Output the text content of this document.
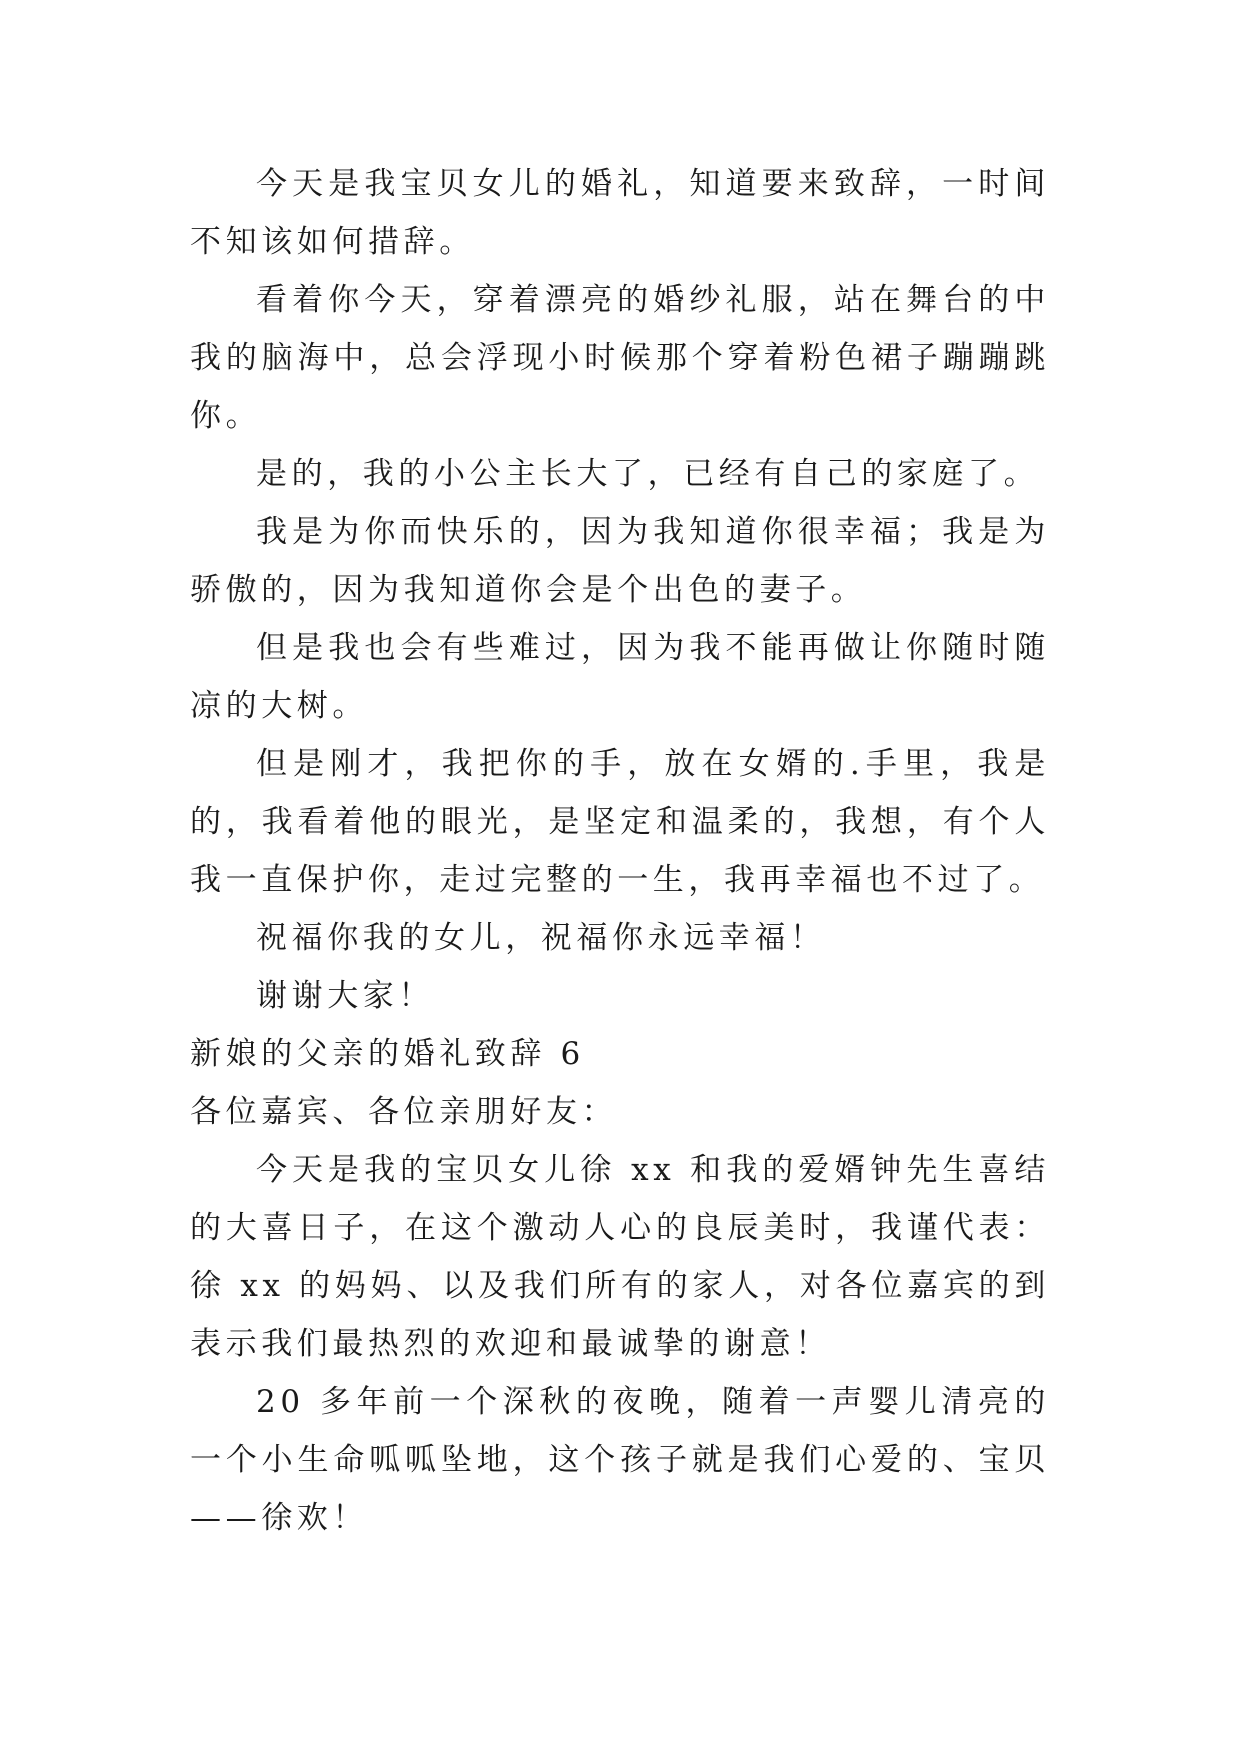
今天是我宝贝女儿的婚礼，知道要来致辞，一时间
不知该如何措辞。
看着你今天，穿着漂亮的婚纱礼服，站在舞台的中
我的脑海中，总会浮现小时候那个穿着粉色裙子蹦蹦跳
你。
是的，我的小公主长大了，已经有自己的家庭了。
我是为你而快乐的，因为我知道你很幸福；我是为
骄傲的，因为我知道你会是个出色的妻子。
但是我也会有些难过，因为我不能再做让你随时随
凉的大树。
但是刚才，我把你的手，放在女婿的.手里，我是
的，我看着他的眼光，是坚定和温柔的，我想，有个人
我一直保护你，走过完整的一生，我再幸福也不过了。
祝福你我的女儿，祝福你永远幸福！
谢谢大家！
新娘的父亲的婚礼致辞 6
各位嘉宾、各位亲朋好友：
今天是我的宝贝女儿徐 xx 和我的爱婿钟先生喜结
的大喜日子，在这个激动人心的良辰美时，我谨代表：
徐 xx 的妈妈、以及我们所有的家人，对各位嘉宾的到
表示我们最热烈的欢迎和最诚挚的谢意！
20 多年前一个深秋的夜晚，随着一声婴儿清亮的
一个小生命呱呱坠地，这个孩子就是我们心爱的、宝贝
——徐欢！
